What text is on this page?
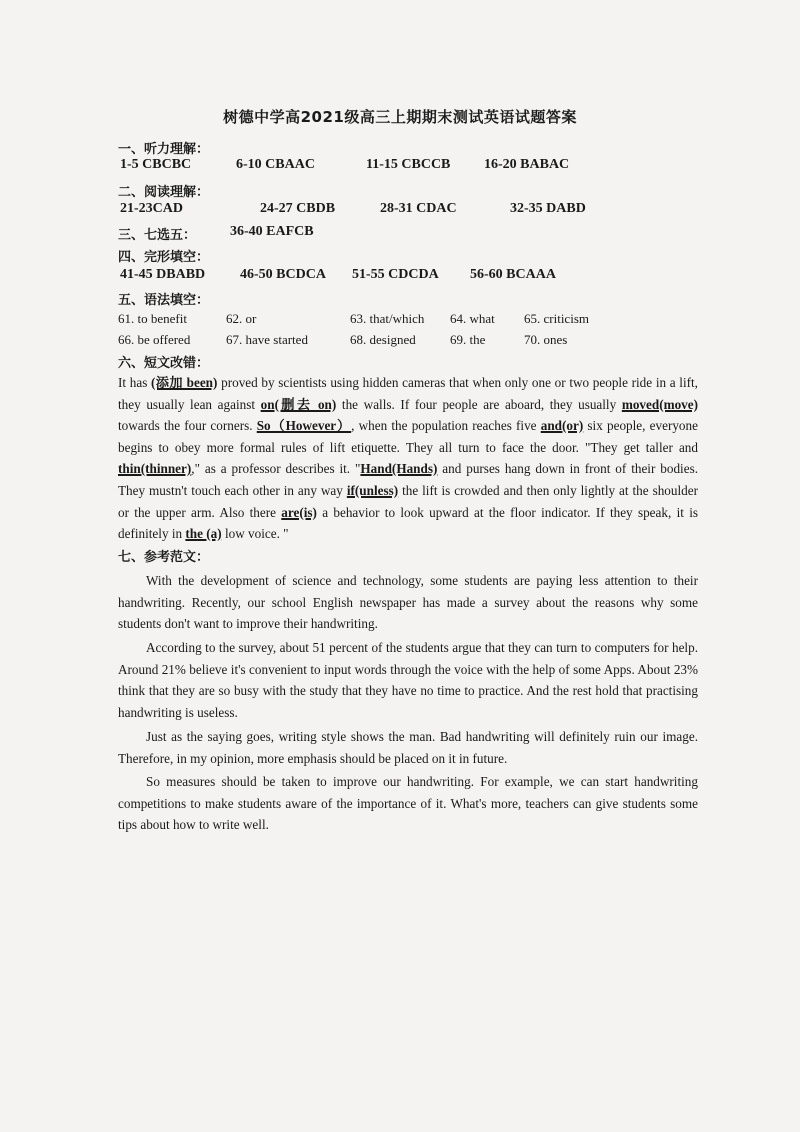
树德中学高2021级高三上期期末测试英语试题答案
一、听力理解：
1-5 CBCBC	6-10 CBAAC	11-15 CBCCB 16-20 BABAC
二、阅读理解：
21-23CAD	24-27 CBDB	28-31 CDAC	32-35 DABD
三、七选五： 36-40 EAFCB
四、完形填空：
41-45 DBABD 46-50 BCDCA 51-55 CDCDA 56-60 BCAAA
五、语法填空：
61. to benefit	62. or	63. that/which 64. what 65. criticism
66. be offered	67. have started	68. designed	69. the	70. ones
六、短文改错：
It has (添加 been) proved by scientists using hidden cameras that when only one or two people ride in a lift, they usually lean against on(删去 on) the walls. If four people are aboard, they usually moved(move) towards the four corners. So（However）, when the population reaches five and(or) six people, everyone begins to obey more formal rules of lift etiquette. They all turn to face the door. "They get taller and thin(thinner)," as a professor describes it. "Hand(Hands) and purses hang down in front of their bodies. They mustn't touch each other in any way if(unless) the lift is crowded and then only lightly at the shoulder or the upper arm. Also there are(is) a behavior to look upward at the floor indicator. If they speak, it is definitely in the (a) low voice. "
七、参考范文：
With the development of science and technology, some students are paying less attention to their handwriting. Recently, our school English newspaper has made a survey about the reasons why some students don't want to improve their handwriting.
According to the survey, about 51 percent of the students argue that they can turn to computers for help. Around 21% believe it's convenient to input words through the voice with the help of some Apps. About 23% think that they are so busy with the study that they have no time to practice. And the rest hold that practising handwriting is useless.
Just as the saying goes, writing style shows the man. Bad handwriting will definitely ruin our image. Therefore, in my opinion, more emphasis should be placed on it in future.
So measures should be taken to improve our handwriting. For example, we can start handwriting competitions to make students aware of the importance of it. What's more, teachers can give students some tips about how to write well.
